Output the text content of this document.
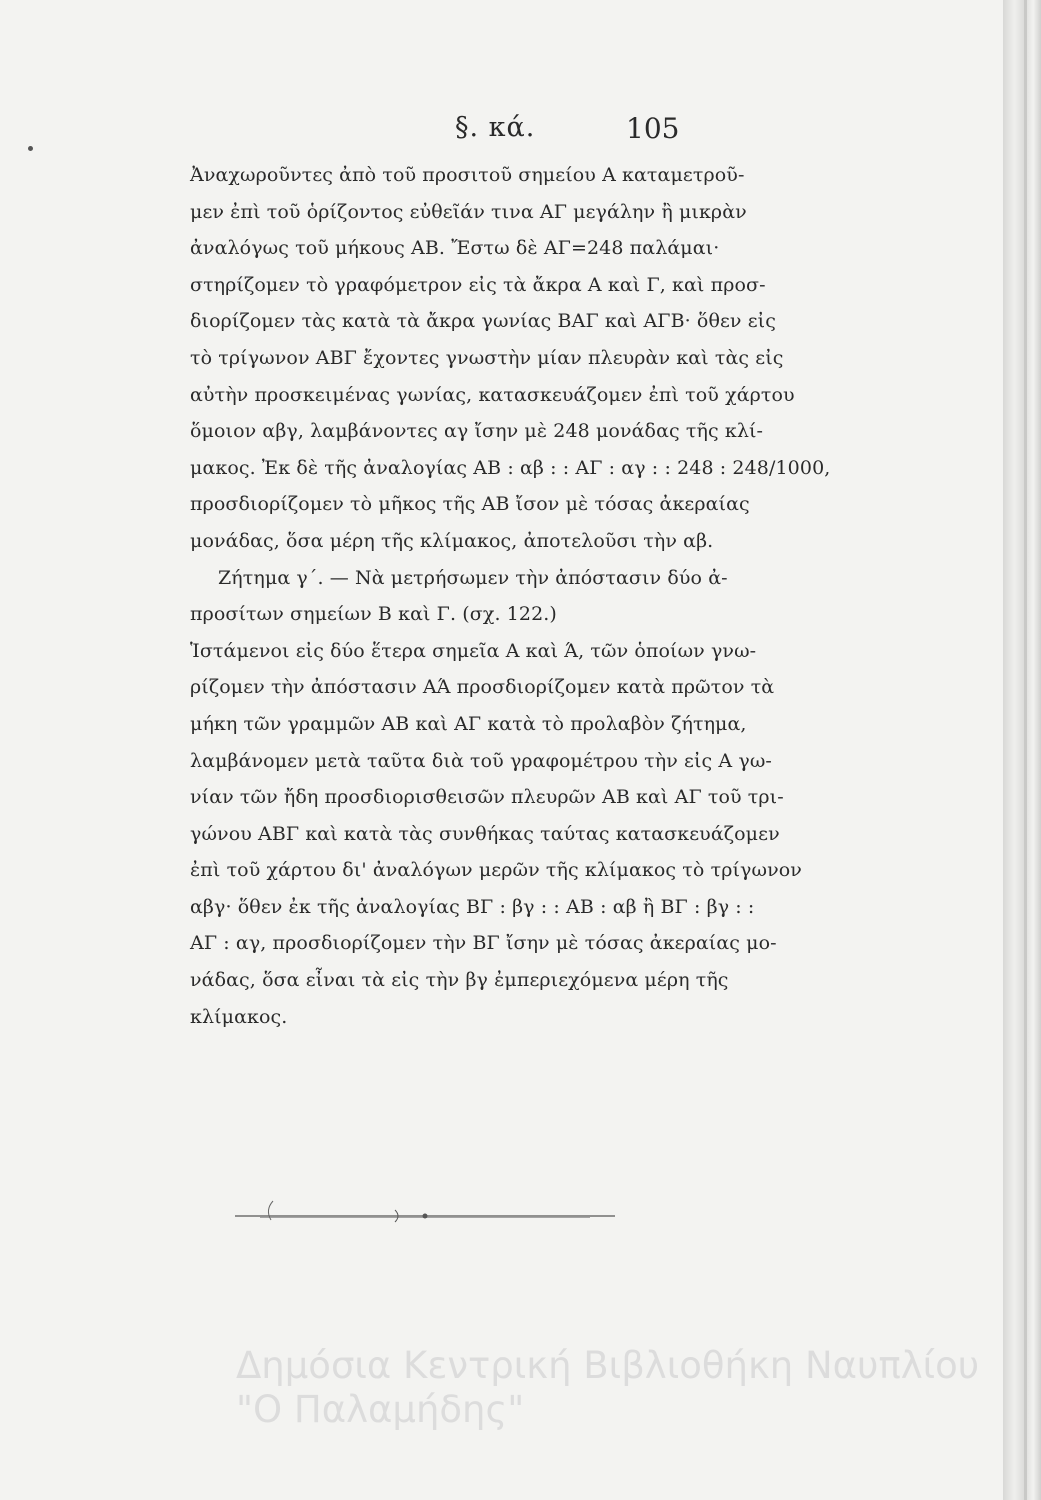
§. κά.	105
Ἀναχωροῦντες ἀπὸ τοῦ προσιτοῦ σημείου Α καταμετροῦ-
μεν ἐπὶ τοῦ ὁρίζοντος εὐθεῖάν τινα ΑΓ μεγάλην ἢ μικρὰν
ἀναλόγως τοῦ μήκους ΑΒ. Ἔστω δὲ ΑΓ=248 παλάμαι·
στηρίζομεν τὸ γραφόμετρον εἰς τὰ ἄκρα Α καὶ Γ, καὶ προσ-
διορίζομεν τὰς κατὰ τὰ ἄκρα γωνίας ΒΑΓ καὶ ΑΓΒ· ὅθεν εἰς
τὸ τρίγωνον ΑΒΓ ἔχοντες γνωστὴν μίαν πλευρὰν καὶ τὰς εἰς
αὐτὴν προσκειμένας γωνίας, κατασκευάζομεν ἐπὶ τοῦ χάρτου
ὅμοιον αβγ, λαμβάνοντες αγ ἴσην μὲ 248 μονάδας τῆς κλί-
μακος. Ἐκ δὲ τῆς ἀναλογίας ΑΒ : αβ : : ΑΓ : αγ : : 248 : 248/1000,
προσδιορίζομεν τὸ μῆκος τῆς ΑΒ ἴσον μὲ τόσας ἀκεραίας
μονάδας, ὅσα μέρη τῆς κλίμακος, ἀποτελοῦσι τὴν αβ.
Ζήτημα γ΄. — Νὰ μετρήσωμεν τὴν ἀπόστασιν δύο ἀ-
προσίτων σημείων Β καὶ Γ. (σχ. 122.)
Ἱστάμενοι εἰς δύο ἕτερα σημεῖα Α καὶ Ά, τῶν ὁποίων γνω-
ρίζομεν τὴν ἀπόστασιν ΑΆ προσδιορίζομεν κατὰ πρῶτον τὰ
μήκη τῶν γραμμῶν ΑΒ καὶ ΑΓ κατὰ τὸ προλαβὸν ζήτημα,
λαμβάνομεν μετὰ ταῦτα διὰ τοῦ γραφομέτρου τὴν εἰς Α γω-
νίαν τῶν ἤδη προσδιορισθεισῶν πλευρῶν ΑΒ καὶ ΑΓ τοῦ τρι-
γώνου ΑΒΓ καὶ κατὰ τὰς συνθήκας ταύτας κατασκευάζομεν
ἐπὶ τοῦ χάρτου δι' ἀναλόγων μερῶν τῆς κλίμακος τὸ τρίγωνον
αβγ· ὅθεν ἐκ τῆς ἀναλογίας ΒΓ : βγ : : ΑΒ : αβ ἢ ΒΓ : βγ : :
ΑΓ : αγ, προσδιορίζομεν τὴν ΒΓ ἴσην μὲ τόσας ἀκεραίας μο-
νάδας, ὅσα εἶναι τὰ εἰς τὴν βγ ἐμπεριεχόμενα μέρη τῆς
κλίμακος.
Δημόσια Κεντρική Βιβλιοθήκη Ναυπλίου
"Ο Παλαμήδης"
